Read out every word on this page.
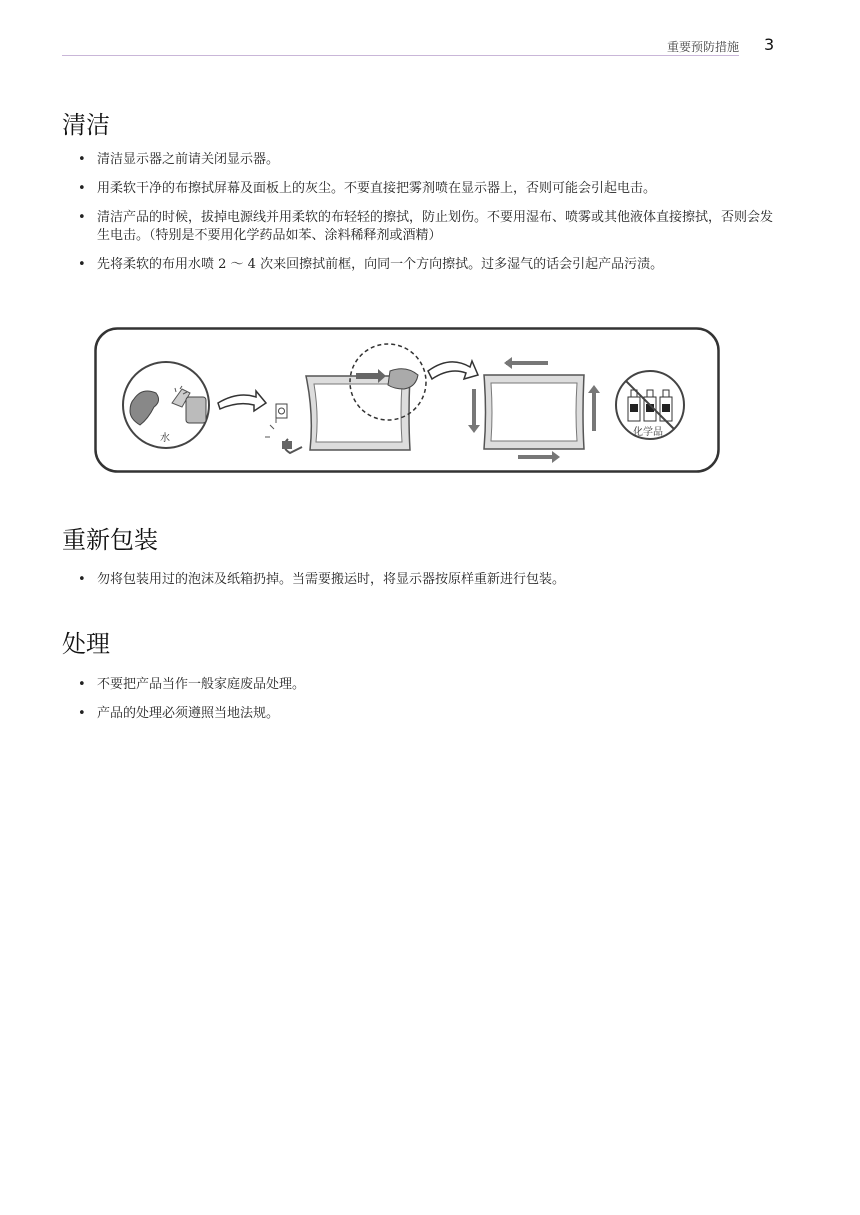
重要预防措施 3
清洁
• 清洁显示器之前请关闭显示器。
• 用柔软干净的布擦拭屏幕及面板上的灰尘。不要直接把雾剂喷在显示器上，否则可能会引起电击。
• 清洁产品的时候，拔掉电源线并用柔软的布轻轻的擦拭，防止划伤。不要用湿布、喷雾或其他液体直接擦拭，否则会发生电击。（特别是不要用化学药品如苯、涂料稀释剂或酒精）
• 先将柔软的布用水喷 2 ～ 4 次来回擦拭前框，向同一个方向擦拭。过多湿气的话会引起产品污渍。
水
化学品
重新包装
• 勿将包装用过的泡沫及纸箱扔掉。当需要搬运时，将显示器按原样重新进行包装。
处理
• 不要把产品当作一般家庭废品处理。
• 产品的处理必须遵照当地法规。
